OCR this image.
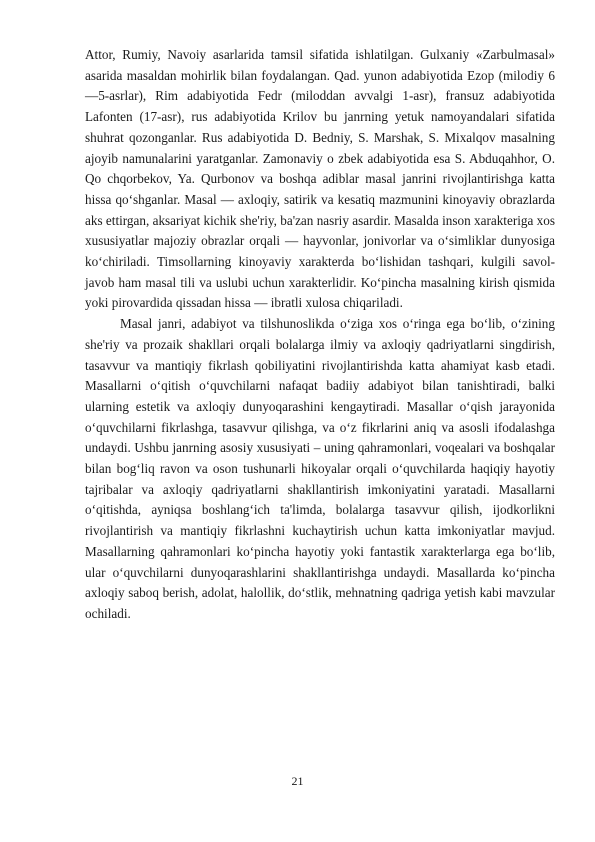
Attor, Rumiy, Navoiy asarlarida tamsil sifatida ishlatilgan. Gulxaniy «Zarbulmasal» asarida masaldan mohirlik bilan foydalangan. Qad. yunon adabiyotida Ezop (milodiy 6—5-asrlar), Rim adabiyotida Fedr (miloddan avvalgi 1-asr), fransuz adabiyotida Lafonten (17-asr), rus adabiyotida Krilov bu janrning yetuk namoyandalari sifatida shuhrat qozonganlar. Rus adabiyotida D. Bedniy, S. Marshak, S. Mixalqov masalning ajoyib namunalarini yaratganlar. Zamonaviy o zbek adabiyotida esa S. Abduqahhor, O. Qo chqorbekov, Ya. Qurbonov va boshqa adiblar masal janrini rivojlantirishga katta hissa qo‘shganlar. Masal — axloqiy, satirik va kesatiq mazmunini kinoyaviy obrazlarda aks ettirgan, aksariyat kichik she'riy, ba'zan nasriy asardir. Masalda inson xarakteriga xos xususiyatlar majoziy obrazlar orqali — hayvonlar, jonivorlar va o‘simliklar dunyosiga ko‘chiriladi. Timsollarning kinoyaviy xarakterda bo‘lishidan tashqari, kulgili savol-javob ham masal tili va uslubi uchun xarakterlidir. Ko‘pincha masalning kirish qismida yoki pirovardida qissadan hissa — ibratli xulosa chiqariladi.

Masal janri, adabiyot va tilshunoslikda o‘ziga xos o‘ringa ega bo‘lib, o‘zining she'riy va prozaik shakllari orqali bolalarga ilmiy va axloqiy qadriyatlarni singdirish, tasavvur va mantiqiy fikrlash qobiliyatini rivojlantirishda katta ahamiyat kasb etadi. Masallarni o‘qitish o‘quvchilarni nafaqat badiiy adabiyot bilan tanishtiradi, balki ularning estetik va axloqiy dunyoqarashini kengaytiradi. Masallar o‘qish jarayonida o‘quvchilarni fikrlashga, tasavvur qilishga, va o‘z fikrlarini aniq va asosli ifodalashga undaydi. Ushbu janrning asosiy xususiyati – uning qahramonlari, voqealari va boshqalar bilan bog‘liq ravon va oson tushunarli hikoyalar orqali o‘quvchilarda haqiqiy hayotiy tajribalar va axloqiy qadriyatlarni shakllantirish imkoniyatini yaratadi. Masallarni o‘qitishda, ayniqsa boshlang‘ich ta'limda, bolalarga tasavvur qilish, ijodkorlikni rivojlantirish va mantiqiy fikrlashni kuchaytirish uchun katta imkoniyatlar mavjud. Masallarning qahramonlari ko‘pincha hayotiy yoki fantastik xarakterlarga ega bo‘lib, ular o‘quvchilarni dunyoqarashlarini shakllantirishga undaydi. Masallarda ko‘pincha axloqiy saboq berish, adolat, halollik, do‘stlik, mehnatning qadriga yetish kabi mavzular ochiladi.

21
